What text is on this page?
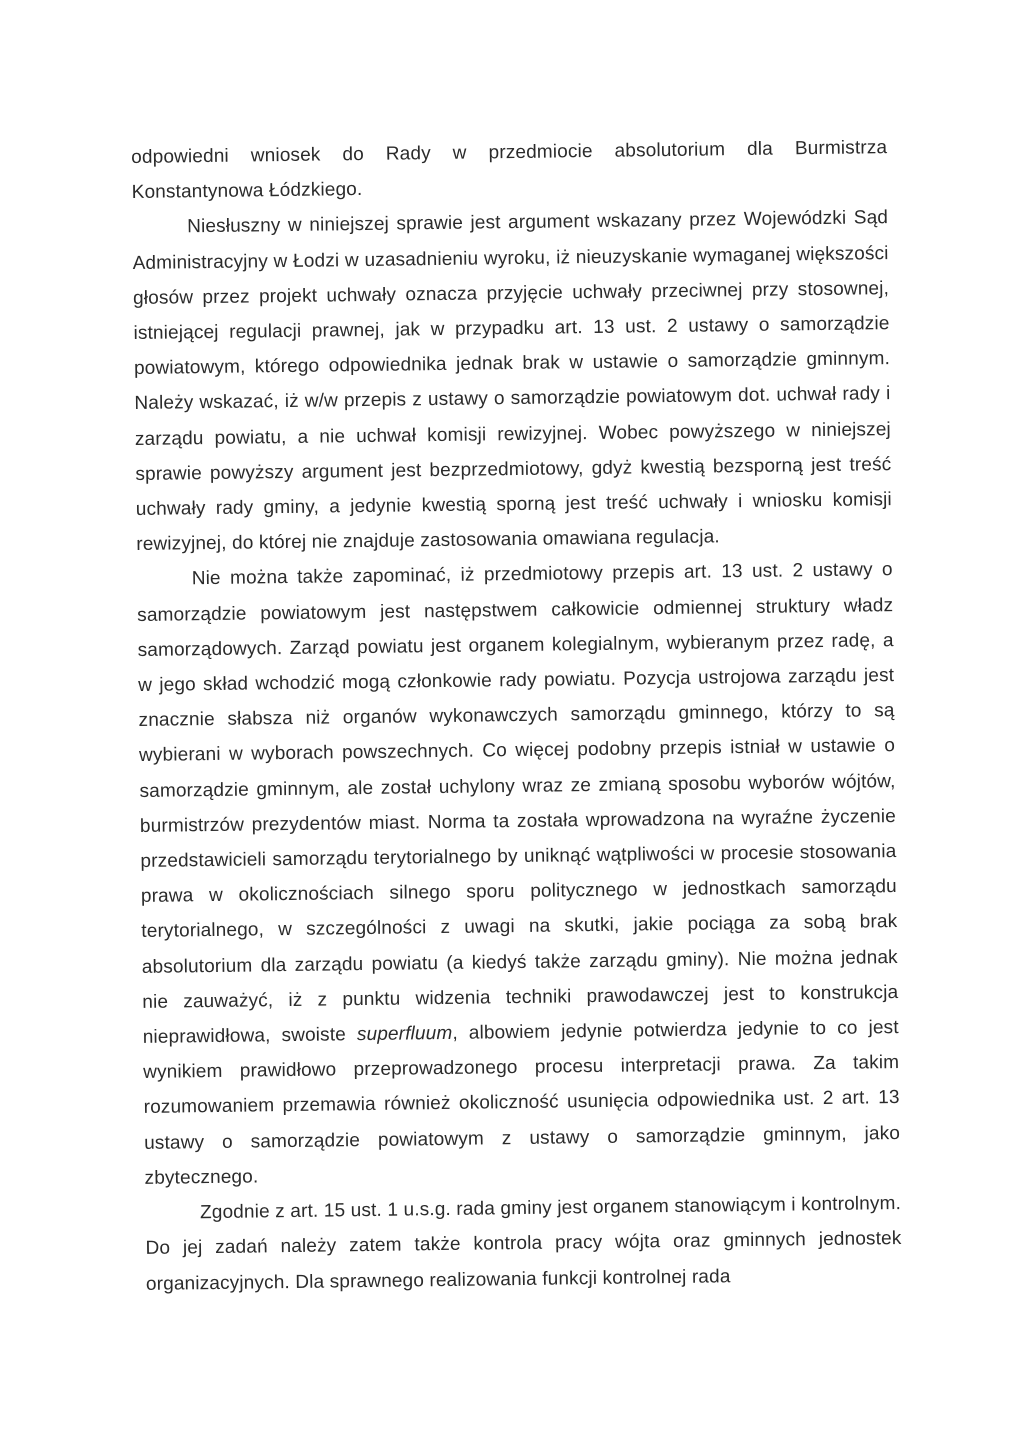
odpowiedni wniosek do Rady w przedmiocie absolutorium dla Burmistrza Konstantynowa Łódzkiego.

Niesłuszny w niniejszej sprawie jest argument wskazany przez Wojewódzki Sąd Administracyjny w Łodzi w uzasadnieniu wyroku, iż nieuzyskanie wymaganej większości głosów przez projekt uchwały oznacza przyjęcie uchwały przeciwnej przy stosownej, istniejącej regulacji prawnej, jak w przypadku art. 13 ust. 2 ustawy o samorządzie powiatowym, którego odpowiednika jednak brak w ustawie o samorządzie gminnym. Należy wskazać, iż w/w przepis z ustawy o samorządzie powiatowym dot. uchwał rady i zarządu powiatu, a nie uchwał komisji rewizyjnej. Wobec powyższego w niniejszej sprawie powyższy argument jest bezprzedmiotowy, gdyż kwestią bezsporną jest treść uchwały rady gminy, a jedynie kwestią sporną jest treść uchwały i wniosku komisji rewizyjnej, do której nie znajduje zastosowania omawiana regulacja.

Nie można także zapominać, iż przedmiotowy przepis art. 13 ust. 2 ustawy o samorządzie powiatowym jest następstwem całkowicie odmiennej struktury władz samorządowych. Zarząd powiatu jest organem kolegialnym, wybieranym przez radę, a w jego skład wchodzić mogą członkowie rady powiatu. Pozycja ustrojowa zarządu jest znacznie słabsza niż organów wykonawczych samorządu gminnego, którzy to są wybierani w wyborach powszechnych. Co więcej podobny przepis istniał w ustawie o samorządzie gminnym, ale został uchylony wraz ze zmianą sposobu wyborów wójtów, burmistrzów prezydentów miast. Norma ta została wprowadzona na wyraźne życzenie przedstawicieli samorządu terytorialnego by uniknąć wątpliwości w procesie stosowania prawa w okolicznościach silnego sporu politycznego w jednostkach samorządu terytorialnego, w szczególności z uwagi na skutki, jakie pociąga za sobą brak absolutorium dla zarządu powiatu (a kiedyś także zarządu gminy). Nie można jednak nie zauważyć, iż z punktu widzenia techniki prawodawczej jest to konstrukcja nieprawidłowa, swoiste superfluum, albowiem jedynie potwierdza jedynie to co jest wynikiem prawidłowo przeprowadzonego procesu interpretacji prawa. Za takim rozumowaniem przemawia również okoliczność usunięcia odpowiednika ust. 2 art. 13 ustawy o samorządzie powiatowym z ustawy o samorządzie gminnym, jako zbytecznego.

Zgodnie z art. 15 ust. 1 u.s.g. rada gminy jest organem stanowiącym i kontrolnym. Do jej zadań należy zatem także kontrola pracy wójta oraz gminnych jednostek organizacyjnych. Dla sprawnego realizowania funkcji kontrolnej rada
